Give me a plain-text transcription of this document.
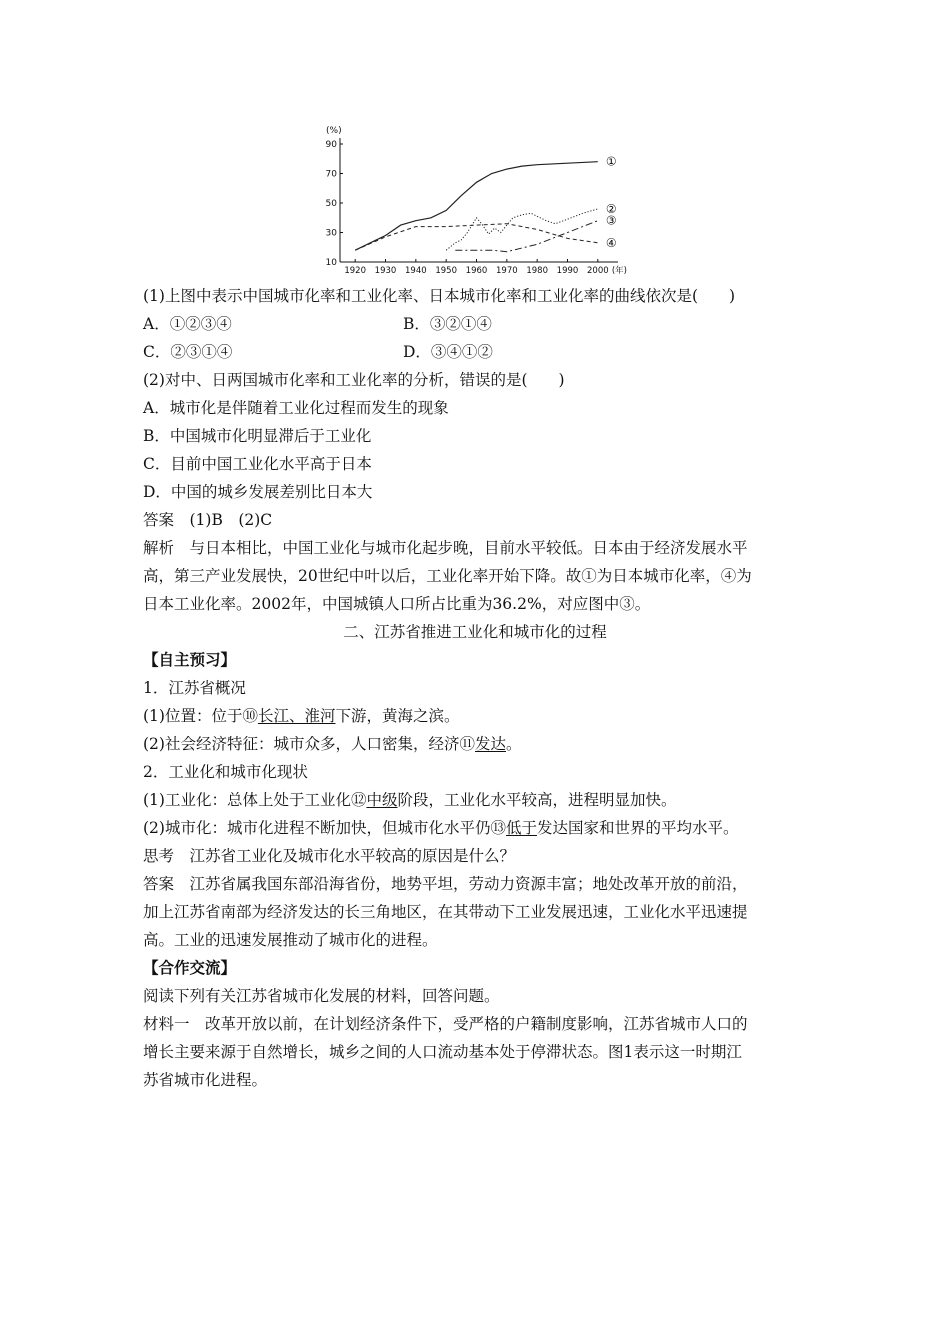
(%)
10
30
50
70
90
1920 1930 1940 1950 1960 1970 1980 1990 2000 (年)
①
②
③
④
(1)上图中表示中国城市化率和工业化率、日本城市化率和工业化率的曲线依次是(　　)
A．①②③④	B．③②①④
C．②③①④	D．③④①②
(2)对中、日两国城市化率和工业化率的分析，错误的是(　　)
A．城市化是伴随着工业化过程而发生的现象
B．中国城市化明显滞后于工业化
C．目前中国工业化水平高于日本
D．中国的城乡发展差别比日本大
答案　(1)B　(2)C
解析　与日本相比，中国工业化与城市化起步晚，目前水平较低。日本由于经济发展水平
高，第三产业发展快，20世纪中叶以后，工业化率开始下降。故①为日本城市化率，④为
日本工业化率。2002年，中国城镇人口所占比重为36.2%，对应图中③。
二、江苏省推进工业化和城市化的过程
【自主预习】
1．江苏省概况
(1)位置：位于⑩长江、淮河下游，黄海之滨。
(2)社会经济特征：城市众多，人口密集，经济⑪发达。
2．工业化和城市化现状
(1)工业化：总体上处于工业化⑫中级阶段，工业化水平较高，进程明显加快。
(2)城市化：城市化进程不断加快，但城市化水平仍⑬低于发达国家和世界的平均水平。
思考　江苏省工业化及城市化水平较高的原因是什么？
答案　江苏省属我国东部沿海省份，地势平坦，劳动力资源丰富；地处改革开放的前沿，
加上江苏省南部为经济发达的长三角地区，在其带动下工业发展迅速，工业化水平迅速提
高。工业的迅速发展推动了城市化的进程。
【合作交流】
阅读下列有关江苏省城市化发展的材料，回答问题。
材料一　改革开放以前，在计划经济条件下，受严格的户籍制度影响，江苏省城市人口的
增长主要来源于自然增长，城乡之间的人口流动基本处于停滞状态。图1表示这一时期江
苏省城市化进程。
